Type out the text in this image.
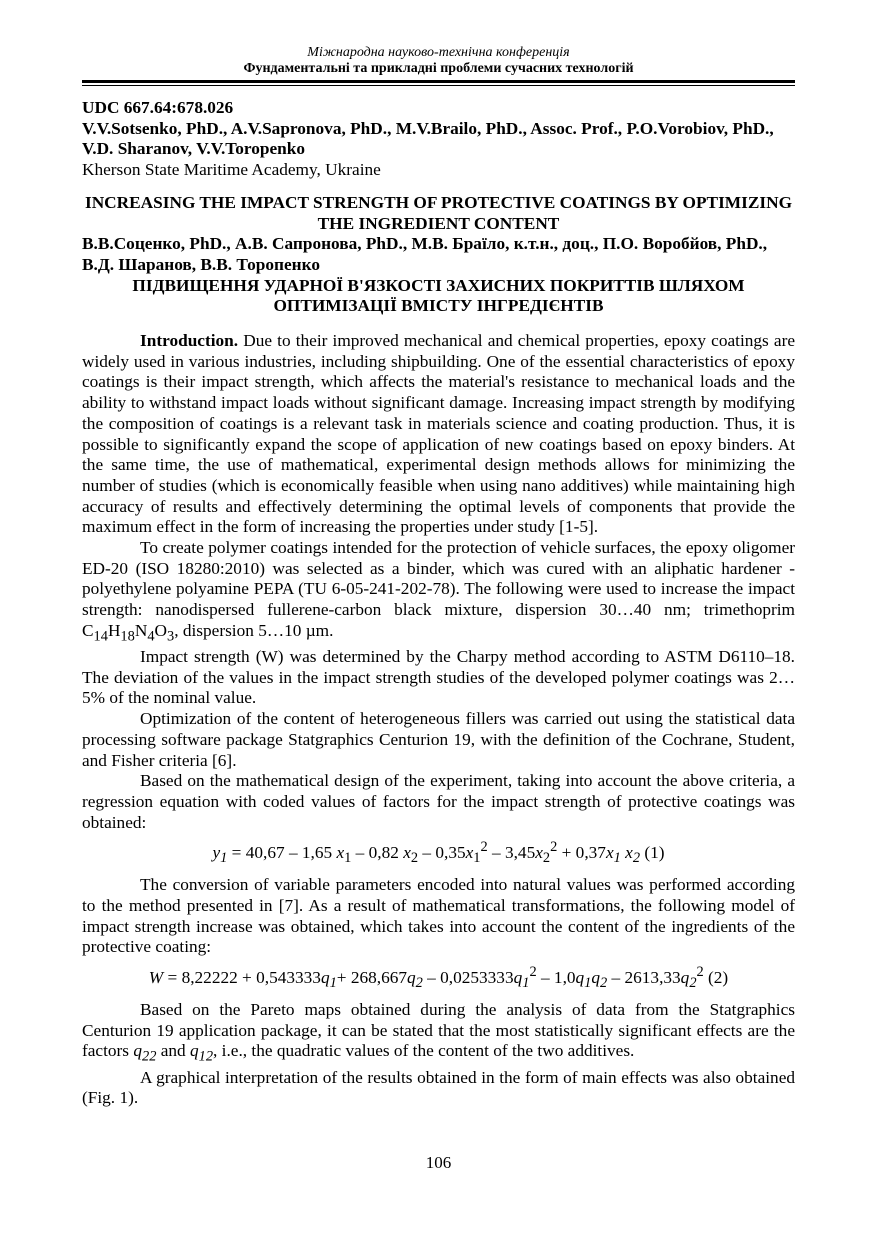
Міжнародна науково-технічна конференція
Фундаментальні та прикладні проблеми сучасних технологій

UDC 667.64:678.026

V.V.Sotsenko, PhD., A.V.Sapronova, PhD., M.V.Brailo, PhD., Assoc. Prof., P.O.Vorobiov, PhD., V.D. Sharanov, V.V.Toropenko

Kherson State Maritime Academy, Ukraine

INCREASING THE IMPACT STRENGTH OF PROTECTIVE COATINGS BY OPTIMIZING THE INGREDIENT CONTENT

В.В.Соценко, PhD., А.В. Сапронова, PhD., М.В. Браїло, к.т.н., доц., П.О. Воробйов, PhD., В.Д. Шаранов, В.В. Торопенко

ПІДВИЩЕННЯ УДАРНОЇ В'ЯЗКОСТІ ЗАХИСНИХ ПОКРИТТІВ ШЛЯХОМ ОПТИМІЗАЦІЇ ВМІСТУ ІНГРЕДІЄНТІВ

Introduction. Due to their improved mechanical and chemical properties, epoxy coatings are widely used in various industries, including shipbuilding. One of the essential characteristics of epoxy coatings is their impact strength, which affects the material's resistance to mechanical loads and the ability to withstand impact loads without significant damage. Increasing impact strength by modifying the composition of coatings is a relevant task in materials science and coating production. Thus, it is possible to significantly expand the scope of application of new coatings based on epoxy binders. At the same time, the use of mathematical, experimental design methods allows for minimizing the number of studies (which is economically feasible when using nano additives) while maintaining high accuracy of results and effectively determining the optimal levels of components that provide the maximum effect in the form of increasing the properties under study [1-5].

To create polymer coatings intended for the protection of vehicle surfaces, the epoxy oligomer ED-20 (ISO 18280:2010) was selected as a binder, which was cured with an aliphatic hardener - polyethylene polyamine PEPA (TU 6-05-241-202-78). The following were used to increase the impact strength: nanodispersed fullerene-carbon black mixture, dispersion 30…40 nm; trimethoprim $C_{14}H_{18}N_4O_3$, dispersion 5…10 µm.

Impact strength (W) was determined by the Charpy method according to ASTM D6110–18. The deviation of the values in the impact strength studies of the developed polymer coatings was 2…5% of the nominal value.

Optimization of the content of heterogeneous fillers was carried out using the statistical data processing software package Statgraphics Centurion 19, with the definition of the Cochrane, Student, and Fisher criteria [6].

Based on the mathematical design of the experiment, taking into account the above criteria, a regression equation with coded values of factors for the impact strength of protective coatings was obtained:

$y_1 = 40,67 - 1,65$ $x_1 - 0,82$ $x_2 - 0,35x_1^2 - 3,45x_2^2 + 0,37x_1$ $x_2$ (1)

The conversion of variable parameters encoded into natural values was performed according to the method presented in [7]. As a result of mathematical transformations, the following model of impact strength increase was obtained, which takes into account the content of the ingredients of the protective coating:

$W = 8,22222 + 0,543333q_1+ 268,667q_2 - 0,0253333q_1^2 - 1,0q_1q_2 - 2613,33q_2^2$ (2)

Based on the Pareto maps obtained during the analysis of data from the Statgraphics Centurion 19 application package, it can be stated that the most statistically significant effects are the factors $q_{22}$ and $q_{12}$, i.e., the quadratic values of the content of the two additives.

A graphical interpretation of the results obtained in the form of main effects was also obtained (Fig. 1).

106
